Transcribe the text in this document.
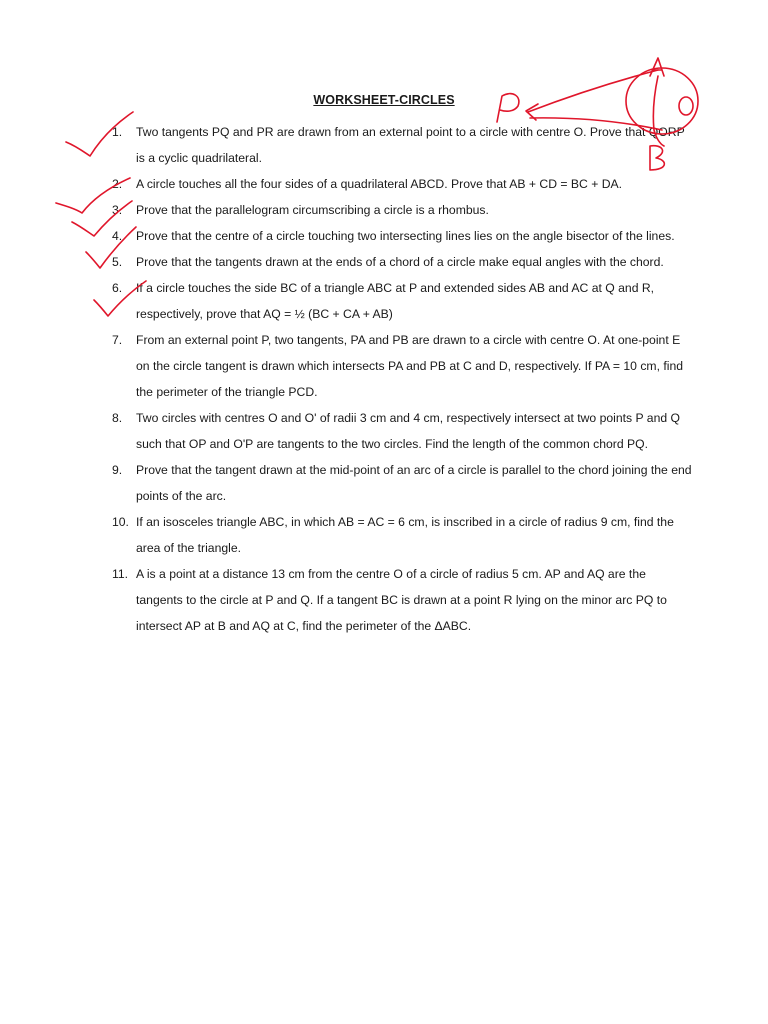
WORKSHEET-CIRCLES
1.	Two tangents PQ and PR are drawn from an external point to a circle with centre O. Prove that QORP is a cyclic quadrilateral.
2.	A circle touches all the four sides of a quadrilateral ABCD. Prove that AB + CD = BC + DA.
3.	Prove that the parallelogram circumscribing a circle is a rhombus.
4.	Prove that the centre of a circle touching two intersecting lines lies on the angle bisector of the lines.
5.	Prove that the tangents drawn at the ends of a chord of a circle make equal angles with the chord.
6.	If a circle touches the side BC of a triangle ABC at P and extended sides AB and AC at Q and R, respectively, prove that AQ = ½ (BC + CA + AB)
7.	From an external point P, two tangents, PA and PB are drawn to a circle with centre O. At one-point E on the circle tangent is drawn which intersects PA and PB at C and D, respectively. If PA = 10 cm, find the perimeter of the triangle PCD.
8.	Two circles with centres O and O' of radii 3 cm and 4 cm, respectively intersect at two points P and Q such that OP and O'P are tangents to the two circles. Find the length of the common chord PQ.
9.	Prove that the tangent drawn at the mid-point of an arc of a circle is parallel to the chord joining the end points of the arc.
10. If an isosceles triangle ABC, in which AB = AC = 6 cm, is inscribed in a circle of radius 9 cm, find the area of the triangle.
11. A is a point at a distance 13 cm from the centre O of a circle of radius 5 cm. AP and AQ are the tangents to the circle at P and Q. If a tangent BC is drawn at a point R lying on the minor arc PQ to intersect AP at B and AQ at C, find the perimeter of the ΔABC.
